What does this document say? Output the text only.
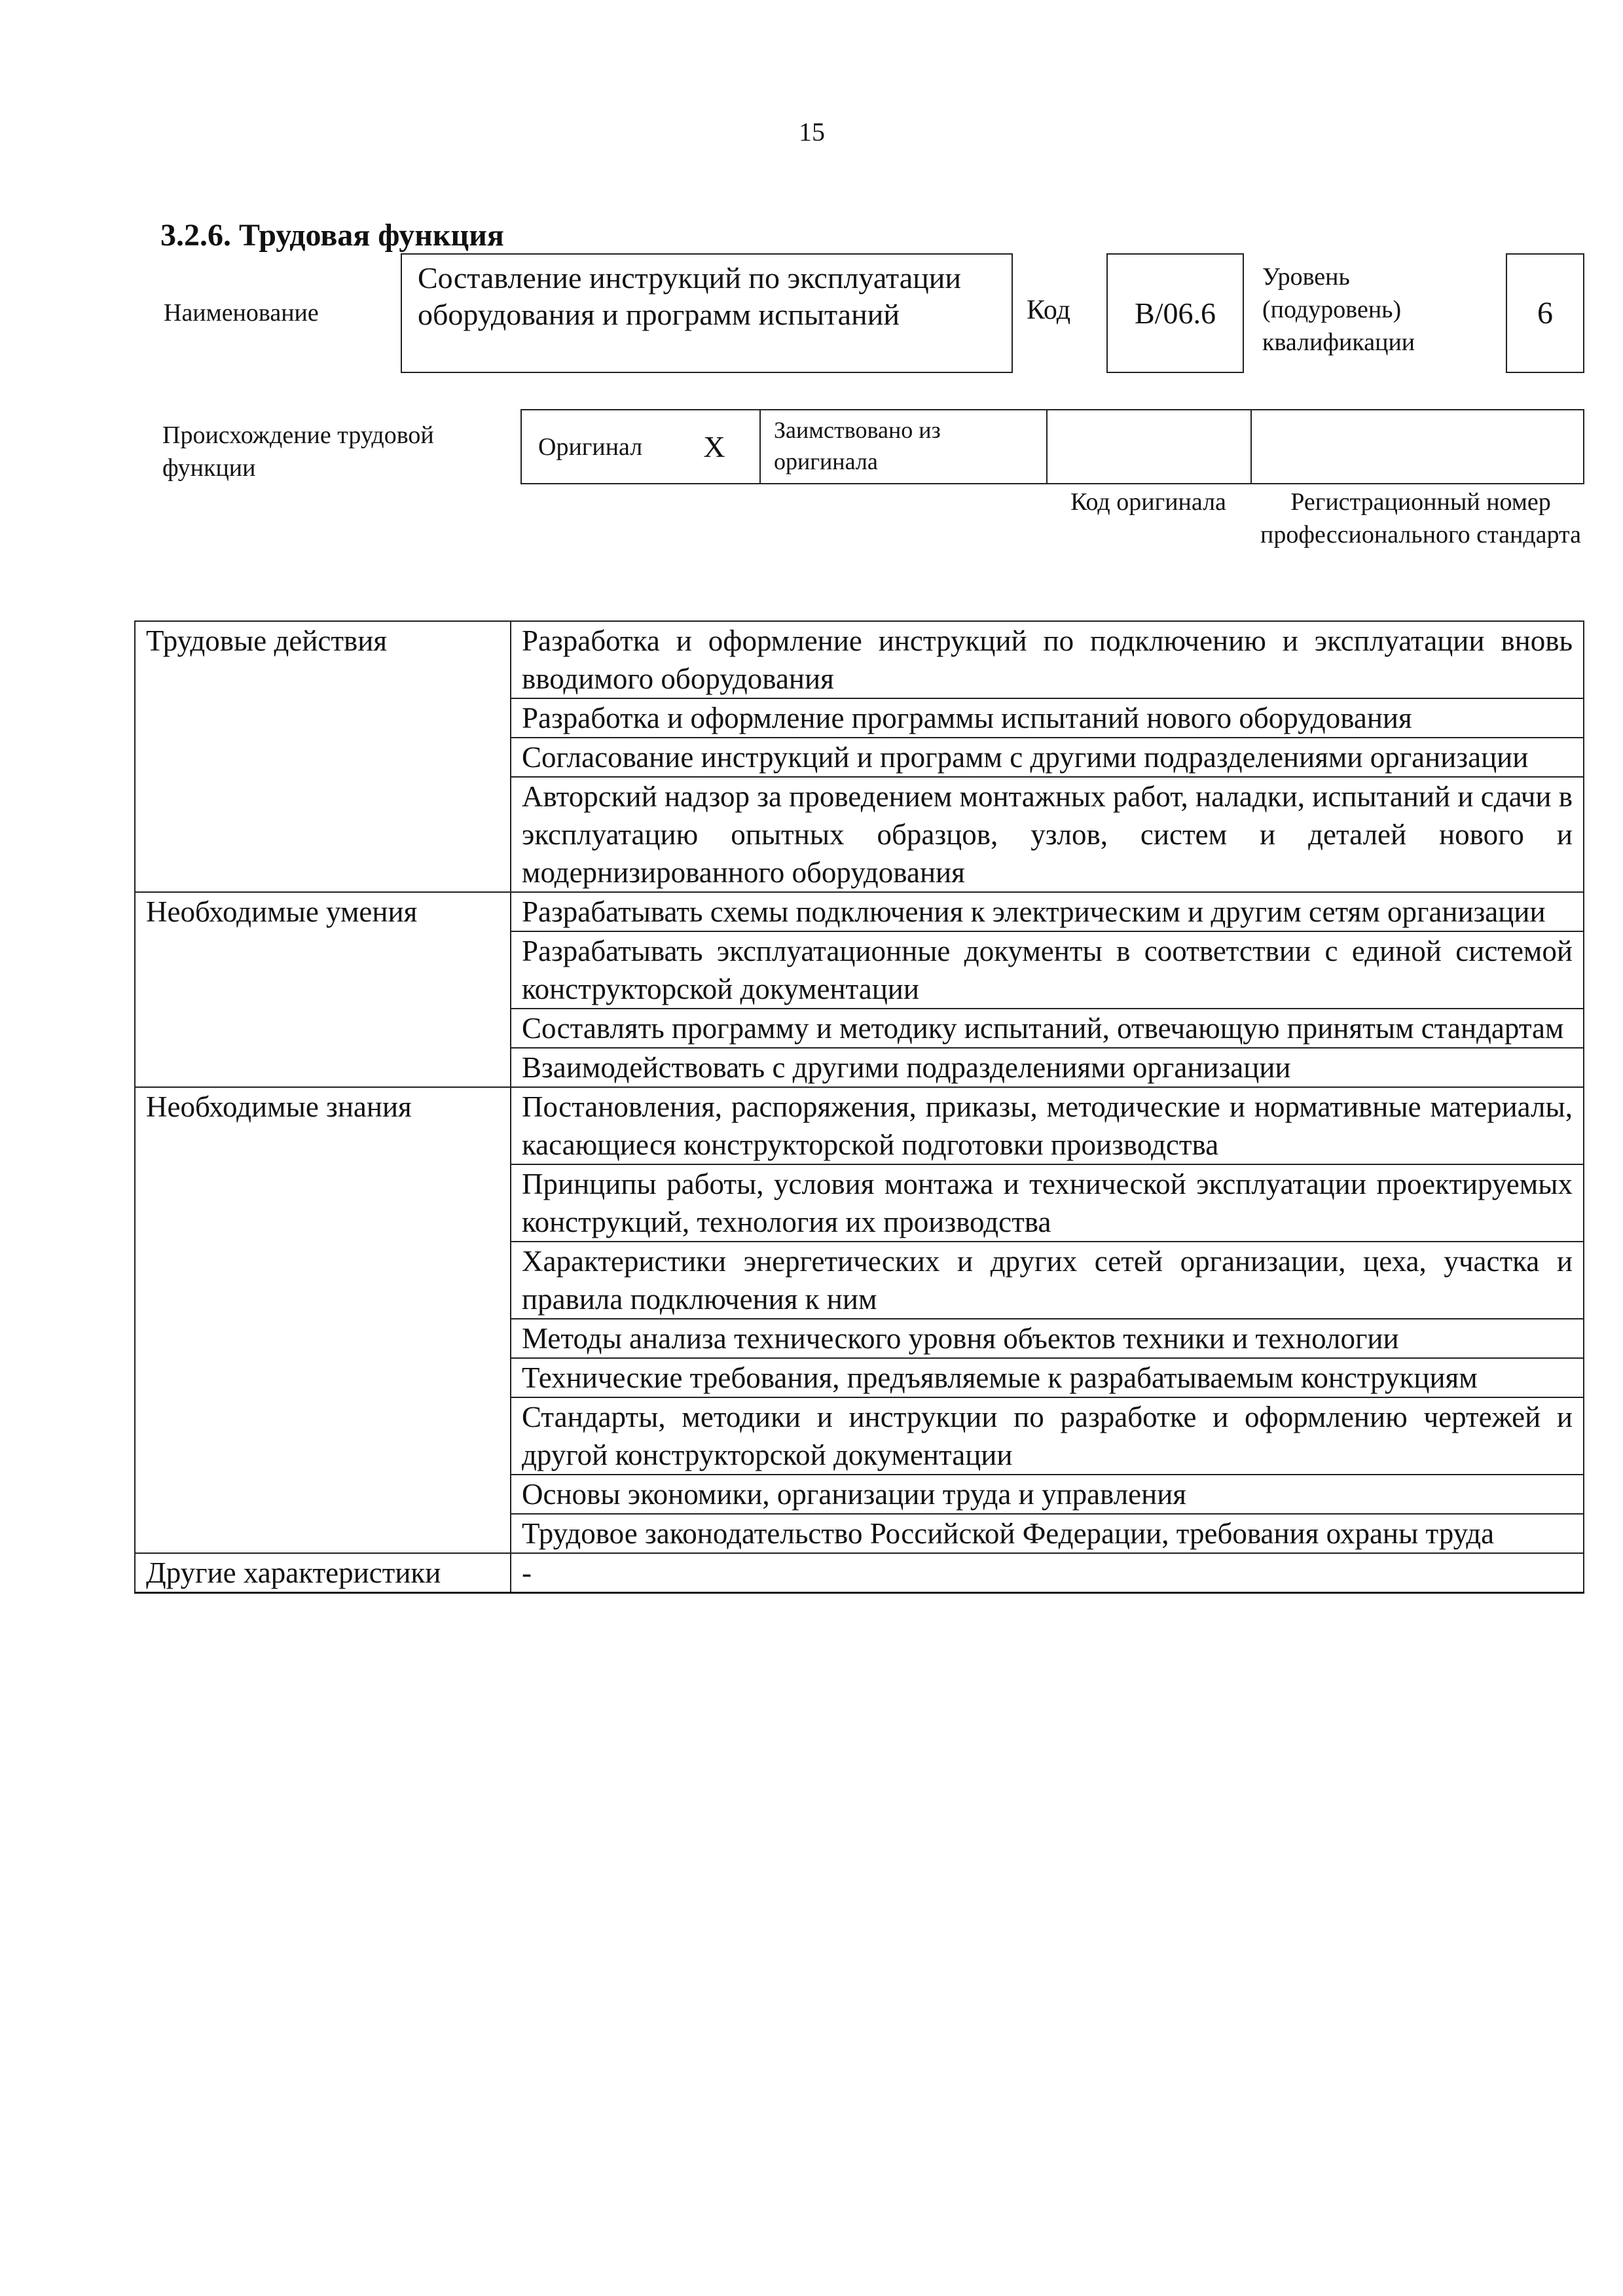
15
3.2.6. Трудовая функция
Наименование
Составление инструкций по эксплуатации оборудования и программ испытаний	Код B/06.6
Уровень (подуровень) квалификации
6
Происхождение трудовой функции
Оригинал X	Заимствовано из оригинала
Код оригинала	Регистрационный номер профессионального стандарта
Трудовые действия	Разработка и оформление инструкций по подключению и эксплуатации вновь вводимого оборудования
	Разработка и оформление программы испытаний нового оборудования
	Согласование инструкций и программ с другими подразделениями организации
	Авторский надзор за проведением монтажных работ, наладки, испытаний и сдачи в эксплуатацию опытных образцов, узлов, систем и деталей нового и модернизированного оборудования
Необходимые умения	Разрабатывать схемы подключения к электрическим и другим сетям организации
	Разрабатывать эксплуатационные документы в соответствии с единой системой конструкторской документации
	Составлять программу и методику испытаний, отвечающую принятым стандартам
	Взаимодействовать с другими подразделениями организации
Необходимые знания	Постановления, распоряжения, приказы, методические и нормативные материалы, касающиеся конструкторской подготовки производства
	Принципы работы, условия монтажа и технической эксплуатации проектируемых конструкций, технология их производства
	Характеристики энергетических и других сетей организации, цеха, участка и правила подключения к ним
	Методы анализа технического уровня объектов техники и технологии
	Технические требования, предъявляемые к разрабатываемым конструкциям
	Стандарты, методики и инструкции по разработке и оформлению чертежей и другой конструкторской документации
	Основы экономики, организации труда и управления
	Трудовое законодательство Российской Федерации, требования охраны труда
Другие характеристики	-
